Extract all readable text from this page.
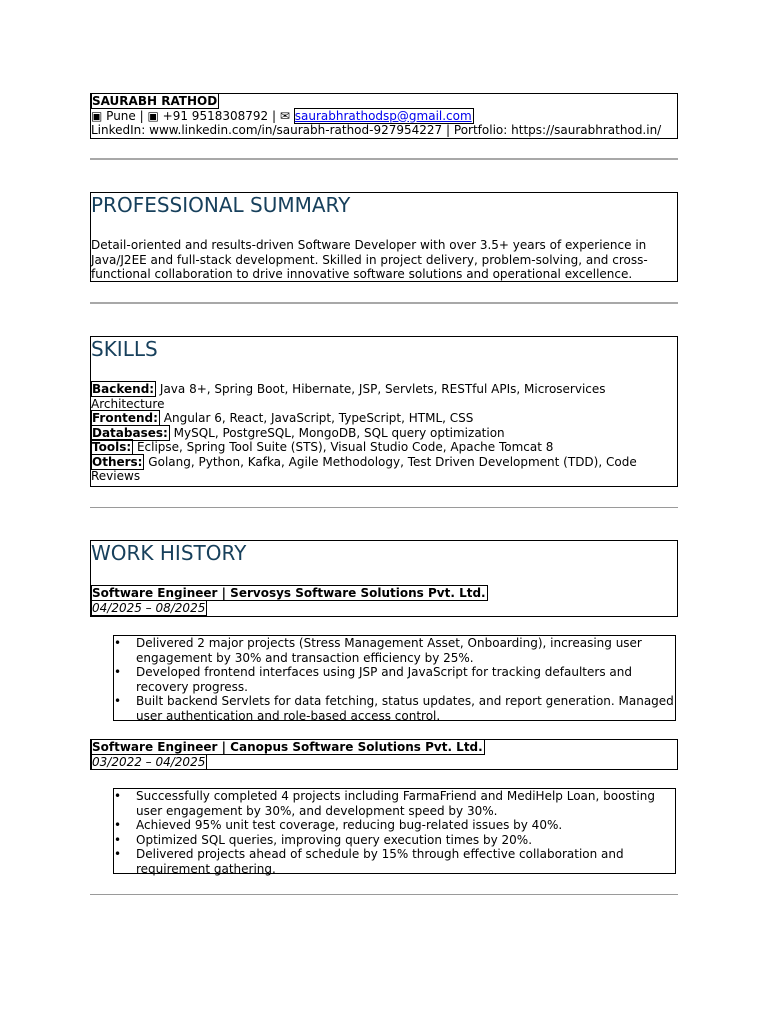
SAURABH RATHOD
▣ Pune | ▣ +91 9518308792 | ✉ saurabhrathodsp@gmail.com
LinkedIn: www.linkedin.com/in/saurabh-rathod-927954227 | Portfolio: https://saurabhrathod.in/
PROFESSIONAL SUMMARY
Detail-oriented and results-driven Software Developer with over 3.5+ years of experience in Java/J2EE and full-stack development. Skilled in project delivery, problem-solving, and cross-functional collaboration to drive innovative software solutions and operational excellence.
SKILLS
Backend: Java 8+, Spring Boot, Hibernate, JSP, Servlets, RESTful APIs, Microservices Architecture
Frontend: Angular 6, React, JavaScript, TypeScript, HTML, CSS
Databases: MySQL, PostgreSQL, MongoDB, SQL query optimization
Tools: Eclipse, Spring Tool Suite (STS), Visual Studio Code, Apache Tomcat 8
Others: Golang, Python, Kafka, Agile Methodology, Test Driven Development (TDD), Code Reviews
WORK HISTORY
Software Engineer | Servosys Software Solutions Pvt. Ltd.
04/2025 – 08/2025
• Delivered 2 major projects (Stress Management Asset, Onboarding), increasing user engagement by 30% and transaction efficiency by 25%.
• Developed frontend interfaces using JSP and JavaScript for tracking defaulters and recovery progress.
• Built backend Servlets for data fetching, status updates, and report generation. Managed user authentication and role-based access control.
Software Engineer | Canopus Software Solutions Pvt. Ltd.
03/2022 – 04/2025
• Successfully completed 4 projects including FarmaFriend and MediHelp Loan, boosting user engagement by 30%, and development speed by 30%.
• Achieved 95% unit test coverage, reducing bug-related issues by 40%.
• Optimized SQL queries, improving query execution times by 20%.
• Delivered projects ahead of schedule by 15% through effective collaboration and requirement gathering.
